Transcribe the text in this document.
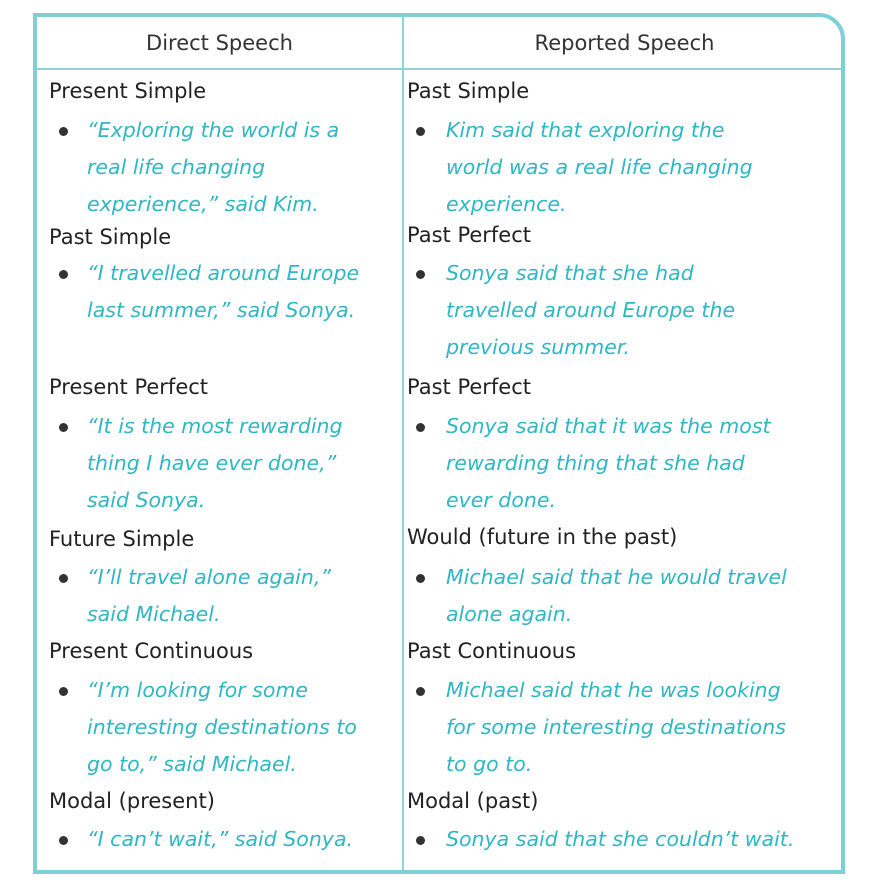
Direct Speech	Reported Speech
Present Simple
“Exploring the world is a
real life changing
experience,” said Kim.
Past Simple
Kim said that exploring the
world was a real life changing
experience.
Past Simple
“I travelled around Europe
last summer,” said Sonya.
Past Perfect
Sonya said that she had
travelled around Europe the
previous summer.
Present Perfect
“It is the most rewarding
thing I have ever done,”
said Sonya.
Past Perfect
Sonya said that it was the most
rewarding thing that she had
ever done.
Future Simple
“I’ll travel alone again,”
said Michael.
Would (future in the past)
Michael said that he would travel
alone again.
Present Continuous
“I’m looking for some
interesting destinations to
go to,” said Michael.
Past Continuous
Michael said that he was looking
for some interesting destinations
to go to.
Modal (present)
“I can’t wait,” said Sonya.
Modal (past)
Sonya said that she couldn’t wait.
